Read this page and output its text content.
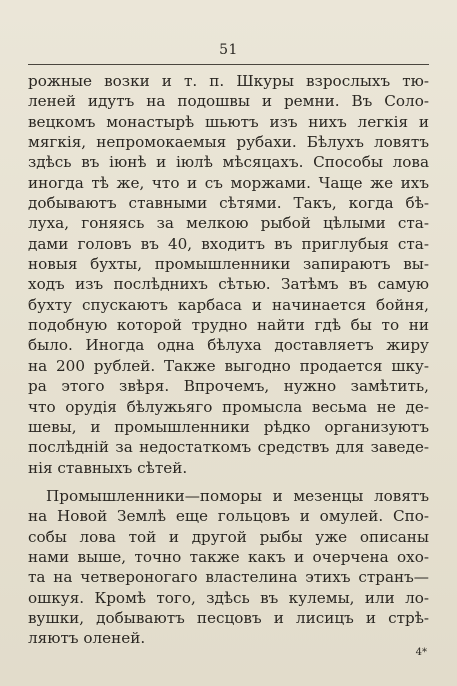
51
рожные возки и т. п. Шкуры взрослыхъ тю-
леней идутъ на подошвы и ремни. Въ Соло-
вецкомъ монастырѣ шьютъ изъ нихъ легкія и
мягкія, непромокаемыя рубахи. Бѣлухъ ловятъ
здѣсь въ іюнѣ и іюлѣ мѣсяцахъ. Способы лова
иногда тѣ же, что и съ моржами. Чаще же ихъ
добываютъ ставными сѣтями. Такъ, когда бѣ-
луха, гоняясь за мелкою рыбой цѣлыми ста-
дами головъ въ 40, входитъ въ приглубыя ста-
новыя бухты, промышленники запираютъ вы-
ходъ изъ послѣднихъ сѣтью. Затѣмъ въ самую
бухту спускаютъ карбаса и начинается бойня,
подобную которой трудно найти гдѣ бы то ни
было. Иногда одна бѣлуха доставляетъ жиру
на 200 рублей. Также выгодно продается шку-
ра этого звѣря. Впрочемъ, нужно замѣтить,
что орудія бѣлужьяго промысла весьма не де-
шевы, и промышленники рѣдко организуютъ
послѣдній за недостаткомъ средствъ для заведе-
нія ставныхъ сѣтей.
Промышленники—поморы и мезенцы ловятъ
на Новой Землѣ еще гольцовъ и омулей. Спо-
собы лова той и другой рыбы уже описаны
нами выше, точно также какъ и очерчена охо-
та на четвероногаго властелина этихъ странъ—
ошкуя. Кромѣ того, здѣсь въ кулемы, или ло-
вушки, добываютъ песцовъ и лисицъ и стрѣ-
ляютъ оленей.
4*
